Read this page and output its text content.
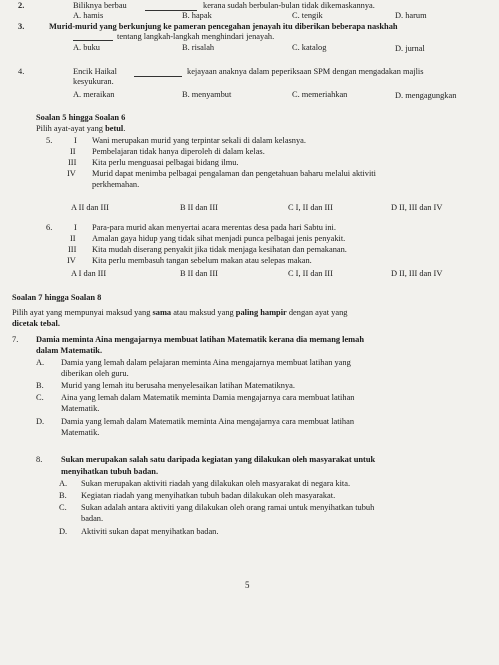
2.	Biliknya berbau	kerana sudah berbulan-bulan tidak dikemaskannya.
A. hamis	B. hapak	C. tengik	D. harum
3.	Murid-murid yang berkunjung ke pameran pencegahan jenayah itu diberikan beberapa naskhah
tentang langkah-langkah menghindari jenayah.
A. buku	B. risalah	C. katalog	D. jurnal
4.	Encik Haikal	kejayaan anaknya dalam peperiksaan SPM dengan mengadakan majlis
kesyukuran.
A. meraikan	B. menyambut	C. memeriahkan	D. mengagungkan
Soalan 5 hingga Soalan 6
Pilih ayat-ayat yang betul.
5.	I Wani merupakan murid yang terpintar sekali di dalam kelasnya.
II Pembelajaran tidak hanya diperoleh di dalam kelas.
III Kita perlu menguasai pelbagai bidang ilmu.
IV Murid dapat menimba pelbagai pengalaman dan pengetahuan baharu melalui aktiviti
perkhemahan.
A II dan III	B II dan III	C I, II dan III	D II, III dan IV
6.	I Para-para murid akan menyertai acara merentas desa pada hari Sabtu ini.
II Amalan gaya hidup yang tidak sihat menjadi punca pelbagai jenis penyakit.
III Kita mudah diserang penyakit jika tidak menjaga kesihatan dan pemakanan.
IV Kita perlu membasuh tangan sebelum makan atau selepas makan.
A I dan III	B II dan III	C I, II dan III	D II, III dan IV
Soalan 7 hingga Soalan 8
Pilih ayat yang mempunyai maksud yang sama atau maksud yang paling hampir dengan ayat yang
dicetak tebal.
7. Damia meminta Aina mengajarnya membuat latihan Matematik kerana dia memang lemah
dalam Matematik.
A. Damia yang lemah dalam pelajaran meminta Aina mengajarnya membuat latihan yang
diberikan oleh guru.
B. Murid yang lemah itu berusaha menyelesaikan latihan Matematiknya.
C. Aina yang lemah dalam Matematik meminta Damia mengajarnya cara membuat latihan
Matematik.
D. Damia yang lemah dalam Matematik meminta Aina mengajarnya cara membuat latihan
Matematik.
8. Sukan merupakan salah satu daripada kegiatan yang dilakukan oleh masyarakat untuk
menyihatkan tubuh badan.
A. Sukan merupakan aktiviti riadah yang dilakukan oleh masyarakat di negara kita.
B. Kegiatan riadah yang menyihatkan tubuh badan dilakukan oleh masyarakat.
C. Sukan adalah antara aktiviti yang dilakukan oleh orang ramai untuk menyihatkan tubuh
badan.
D. Aktiviti sukan dapat menyihatkan badan.
5
